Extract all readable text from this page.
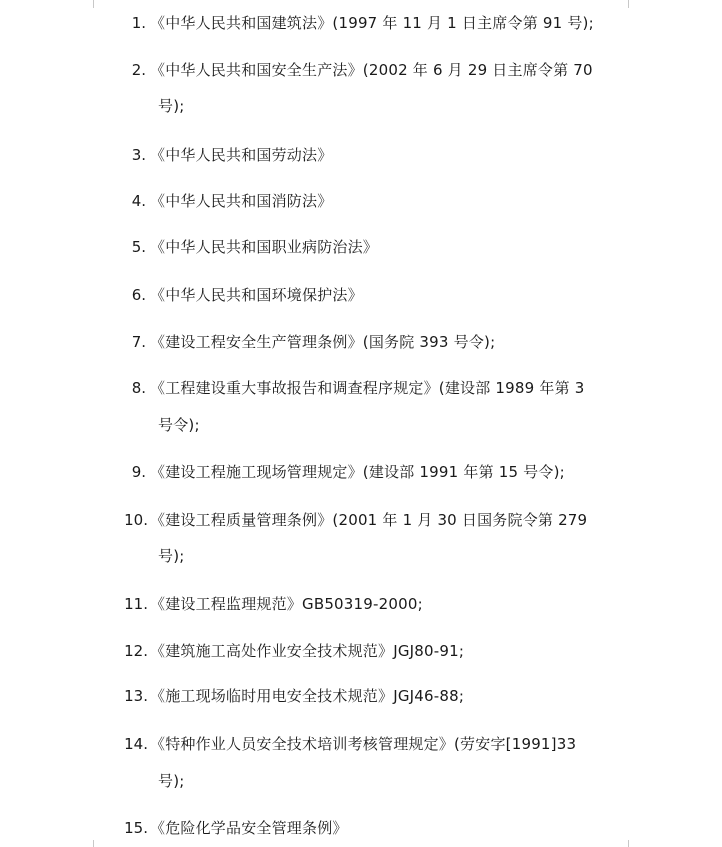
1. 《中华人民共和国建筑法》(1997 年 11 月 1 日主席令第 91 号);
2. 《中华人民共和国安全生产法》(2002 年 6 月 29 日主席令第 70
号);
3. 《中华人民共和国劳动法》
4. 《中华人民共和国消防法》
5. 《中华人民共和国职业病防治法》
6. 《中华人民共和国环境保护法》
7. 《建设工程安全生产管理条例》(国务院 393 号令);
8. 《工程建设重大事故报告和调查程序规定》(建设部 1989 年第 3
号令);
9. 《建设工程施工现场管理规定》(建设部 1991 年第 15 号令);
10. 《建设工程质量管理条例》(2001 年 1 月 30 日国务院令第 279
号);
11. 《建设工程监理规范》GB50319-2000;
12. 《建筑施工高处作业安全技术规范》JGJ80-91;
13. 《施工现场临时用电安全技术规范》JGJ46-88;
14. 《特种作业人员安全技术培训考核管理规定》(劳安字[1991]33
号);
15. 《危险化学品安全管理条例》
